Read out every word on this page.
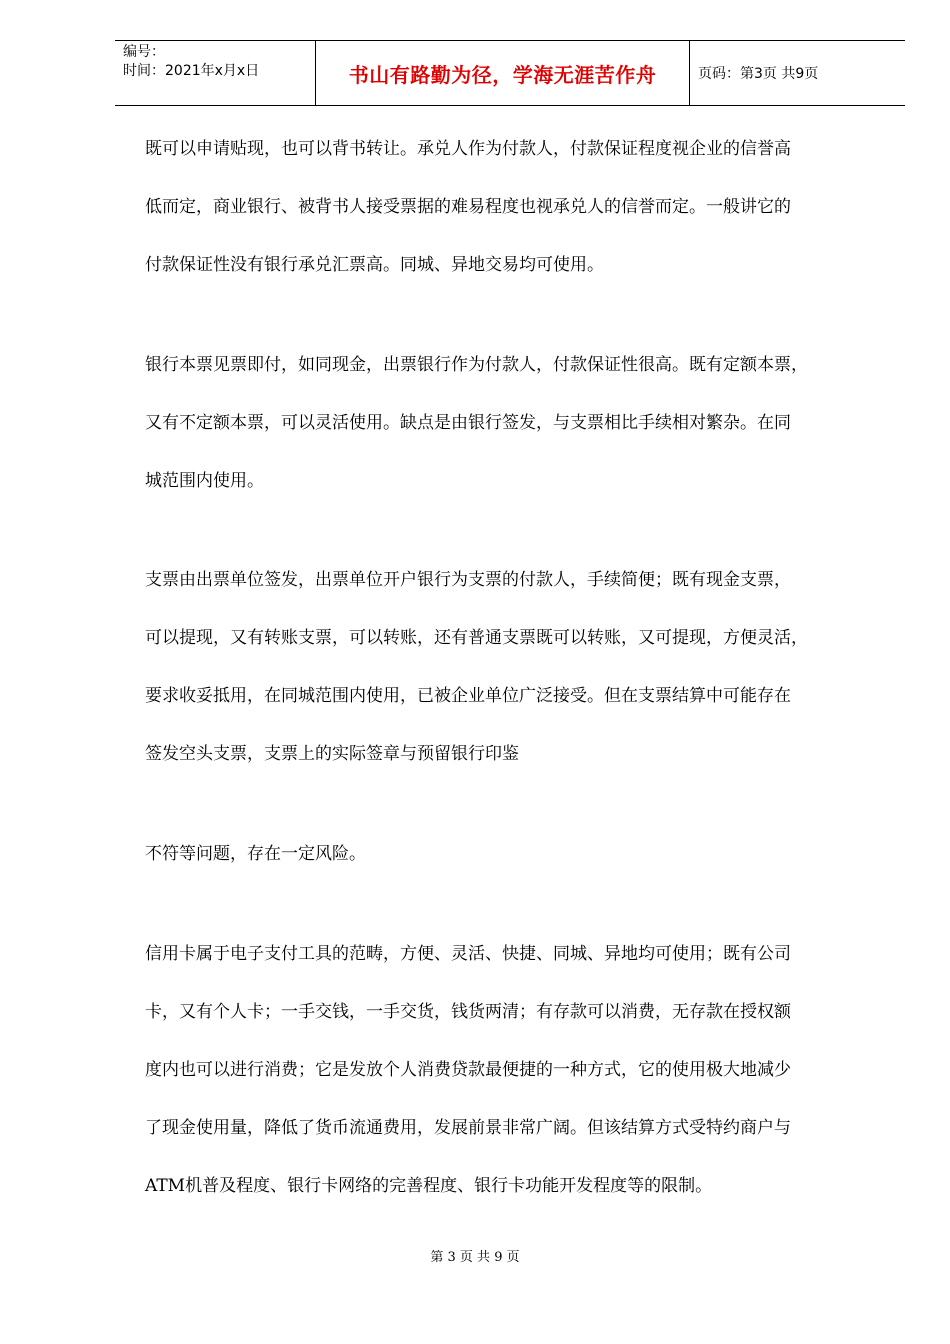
编号：
时间：2021年x月x日	书山有路勤为径，学海无涯苦作舟	页码：第3页 共9页

既可以申请贴现，也可以背书转让。承兑人作为付款人，付款保证程度视企业的信誉高
低而定，商业银行、被背书人接受票据的难易程度也视承兑人的信誉而定。一般讲它的
付款保证性没有银行承兑汇票高。同城、异地交易均可使用。

银行本票见票即付，如同现金，出票银行作为付款人，付款保证性很高。既有定额本票，
又有不定额本票，可以灵活使用。缺点是由银行签发，与支票相比手续相对繁杂。在同
城范围内使用。

支票由出票单位签发，出票单位开户银行为支票的付款人，手续简便；既有现金支票，
可以提现，又有转账支票，可以转账，还有普通支票既可以转账，又可提现，方便灵活，
要求收妥抵用，在同城范围内使用，已被企业单位广泛接受。但在支票结算中可能存在
签发空头支票，支票上的实际签章与预留银行印鉴

不符等问题，存在一定风险。

信用卡属于电子支付工具的范畴，方便、灵活、快捷、同城、异地均可使用；既有公司
卡，又有个人卡；一手交钱，一手交货，钱货两清；有存款可以消费，无存款在授权额
度内也可以进行消费；它是发放个人消费贷款最便捷的一种方式，它的使用极大地减少
了现金使用量，降低了货币流通费用，发展前景非常广阔。但该结算方式受特约商户与
ATM机普及程度、银行卡网络的完善程度、银行卡功能开发程度等的限制。

第 3 页 共 9 页
